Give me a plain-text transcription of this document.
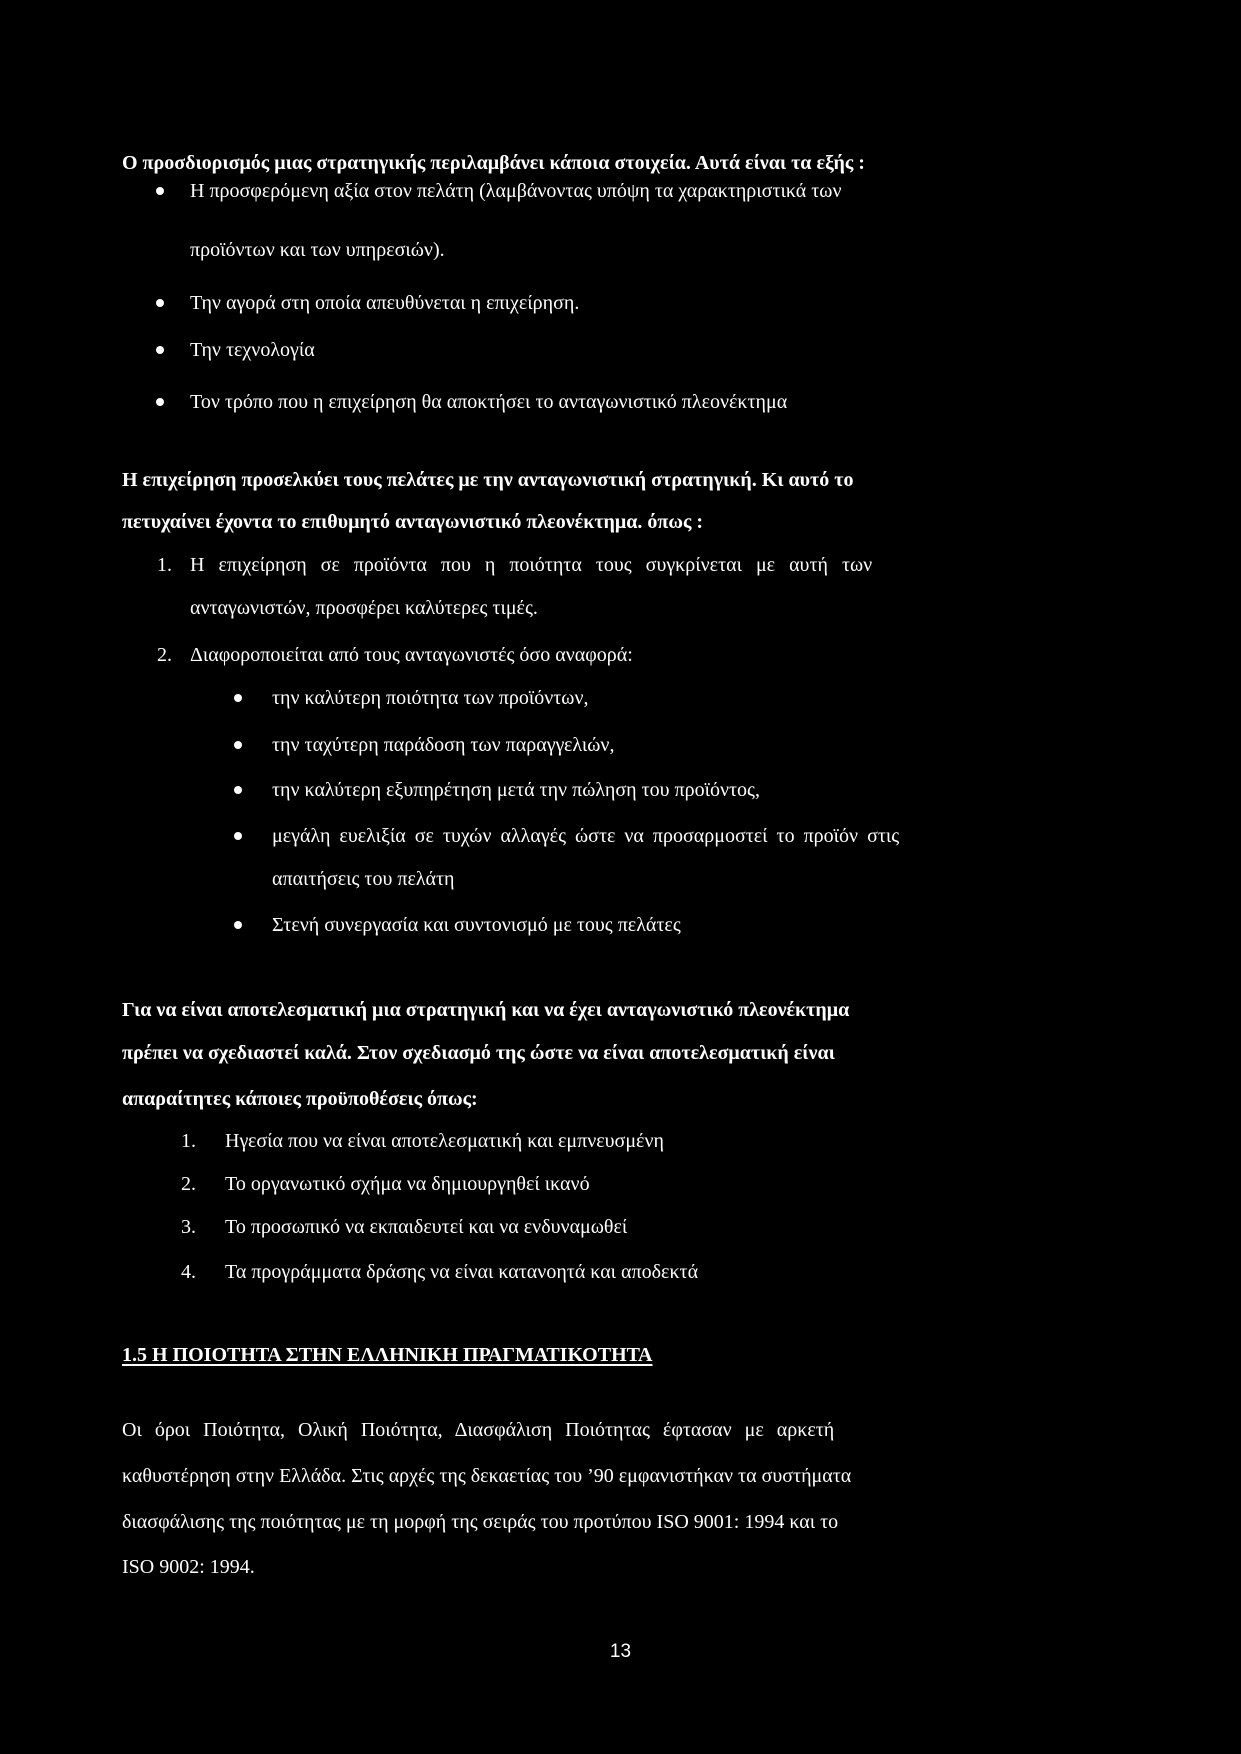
Ο προσδιορισμός μιας στρατηγικής περιλαμβάνει κάποια στοιχεία. Αυτά είναι τα εξής :
Η προσφερόμενη αξία στον πελάτη (λαμβάνοντας υπόψη τα χαρακτηριστικά των
προϊόντων και των υπηρεσιών).
Την αγορά στη οποία απευθύνεται η επιχείρηση.
Την τεχνολογία
Τον τρόπο που η επιχείρηση θα αποκτήσει το ανταγωνιστικό πλεονέκτημα
Η επιχείρηση προσελκύει τους πελάτες με την ανταγωνιστική στρατηγική. Κι αυτό το
πετυχαίνει έχοντα το επιθυμητό ανταγωνιστικό πλεονέκτημα. όπως :
1. Η επιχείρηση σε προϊόντα που η ποιότητα τους συγκρίνεται με αυτή των
ανταγωνιστών, προσφέρει καλύτερες τιμές.
2. Διαφοροποιείται από τους ανταγωνιστές όσο αναφορά:
την καλύτερη ποιότητα των προϊόντων,
την ταχύτερη παράδοση των παραγγελιών,
την καλύτερη εξυπηρέτηση μετά την πώληση του προϊόντος,
μεγάλη ευελιξία σε τυχών αλλαγές ώστε να προσαρμοστεί το προϊόν στις
απαιτήσεις του πελάτη
Στενή συνεργασία και συντονισμό με τους πελάτες
Για να είναι αποτελεσματική μια στρατηγική και να έχει ανταγωνιστικό πλεονέκτημα
πρέπει να σχεδιαστεί καλά. Στον σχεδιασμό της ώστε να είναι αποτελεσματική είναι
απαραίτητες κάποιες προϋποθέσεις όπως:
1. Ηγεσία που να είναι αποτελεσματική και εμπνευσμένη
2. Το οργανωτικό σχήμα να δημιουργηθεί ικανό
3. Το προσωπικό να εκπαιδευτεί και να ενδυναμωθεί
4. Τα προγράμματα δράσης να είναι κατανοητά και αποδεκτά
1.5 Η ΠΟΙΟΤΗΤΑ ΣΤΗΝ ΕΛΛΗΝΙΚΗ ΠΡΑΓΜΑΤΙΚΟΤΗΤΑ
Οι όροι Ποιότητα, Ολική Ποιότητα, Διασφάλιση Ποιότητας έφτασαν με αρκετή
καθυστέρηση στην Ελλάδα. Στις αρχές της δεκαετίας του ’90 εμφανιστήκαν τα συστήματα
διασφάλισης της ποιότητας με τη μορφή της σειράς του προτύπου ISO 9001: 1994 και το
ISO 9002: 1994.
13
